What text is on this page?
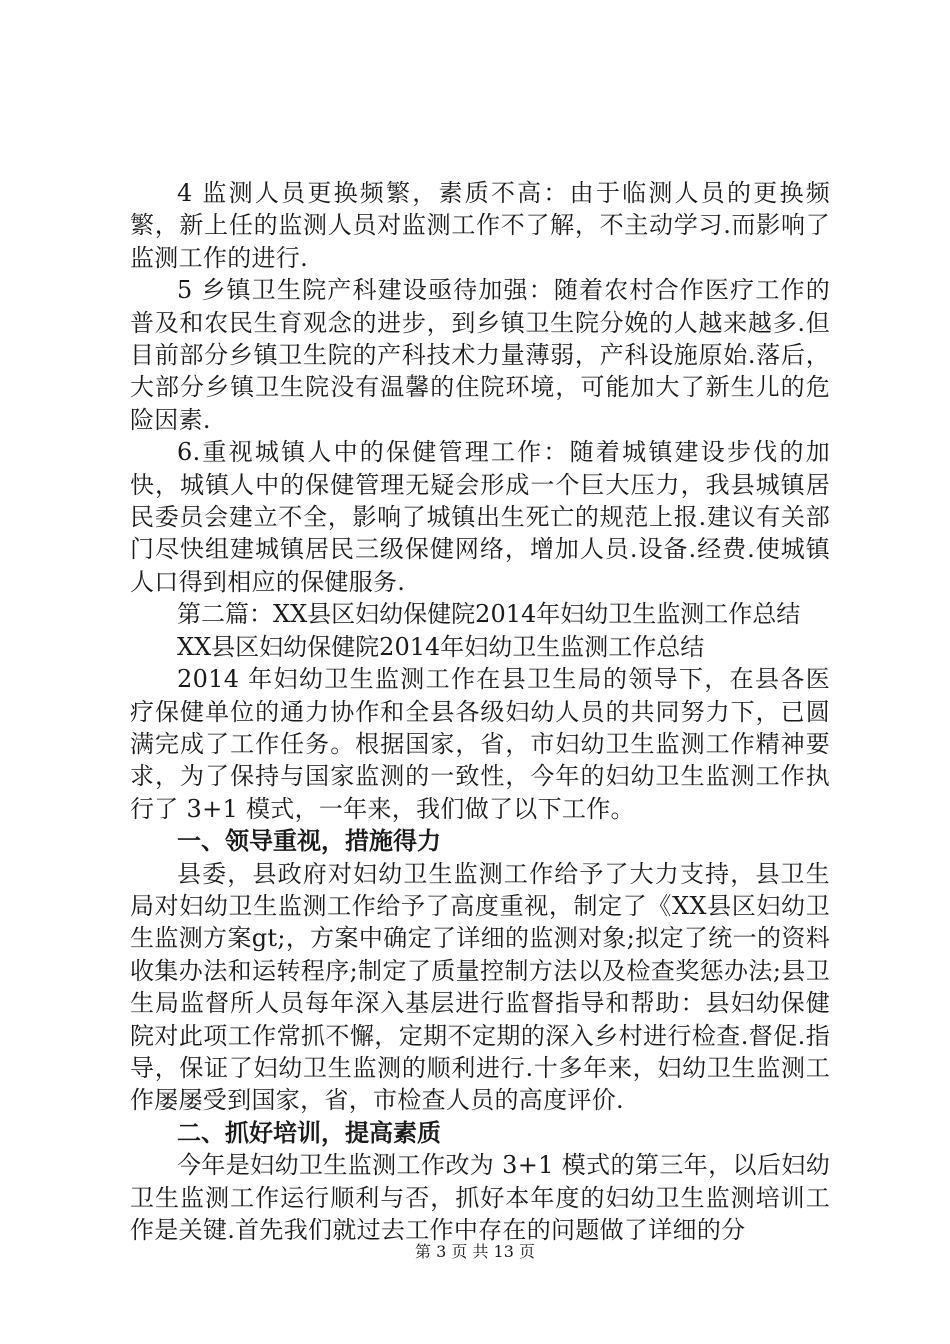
4 监测人员更换频繁，素质不高：由于临测人员的更换频繁，新上任的监测人员对监测工作不了解，不主动学习.而影响了监测工作的进行.

5 乡镇卫生院产科建设亟待加强：随着农村合作医疗工作的普及和农民生育观念的进步，到乡镇卫生院分娩的人越来越多.但目前部分乡镇卫生院的产科技术力量薄弱，产科设施原始.落后，大部分乡镇卫生院没有温馨的住院环境，可能加大了新生儿的危险因素.

6.重视城镇人中的保健管理工作：随着城镇建设步伐的加快，城镇人中的保健管理无疑会形成一个巨大压力，我县城镇居民委员会建立不全，影响了城镇出生死亡的规范上报.建议有关部门尽快组建城镇居民三级保健网络，增加人员.设备.经费.使城镇人口得到相应的保健服务.

第二篇：XX县区妇幼保健院2014年妇幼卫生监测工作总结

XX县区妇幼保健院2014年妇幼卫生监测工作总结

2014 年妇幼卫生监测工作在县卫生局的领导下，在县各医疗保健单位的通力协作和全县各级妇幼人员的共同努力下，已圆满完成了工作任务。根据国家，省，市妇幼卫生监测工作精神要求，为了保持与国家监测的一致性，今年的妇幼卫生监测工作执行了 3+1 模式，一年来，我们做了以下工作。

一、领导重视，措施得力

县委，县政府对妇幼卫生监测工作给予了大力支持，县卫生局对妇幼卫生监测工作给予了高度重视，制定了《XX县区妇幼卫生监测方案gt;，方案中确定了详细的监测对象;拟定了统一的资料收集办法和运转程序;制定了质量控制方法以及检查奖惩办法;县卫生局监督所人员每年深入基层进行监督指导和帮助：县妇幼保健院对此项工作常抓不懈，定期不定期的深入乡村进行检查.督促.指导，保证了妇幼卫生监测的顺利进行.十多年来，妇幼卫生监测工作屡屡受到国家，省，市检查人员的高度评价.

二、抓好培训，提高素质

今年是妇幼卫生监测工作改为 3+1 模式的第三年，以后妇幼卫生监测工作运行顺利与否，抓好本年度的妇幼卫生监测培训工作是关键.首先我们就过去工作中存在的问题做了详细的分

第 3 页 共 13 页
